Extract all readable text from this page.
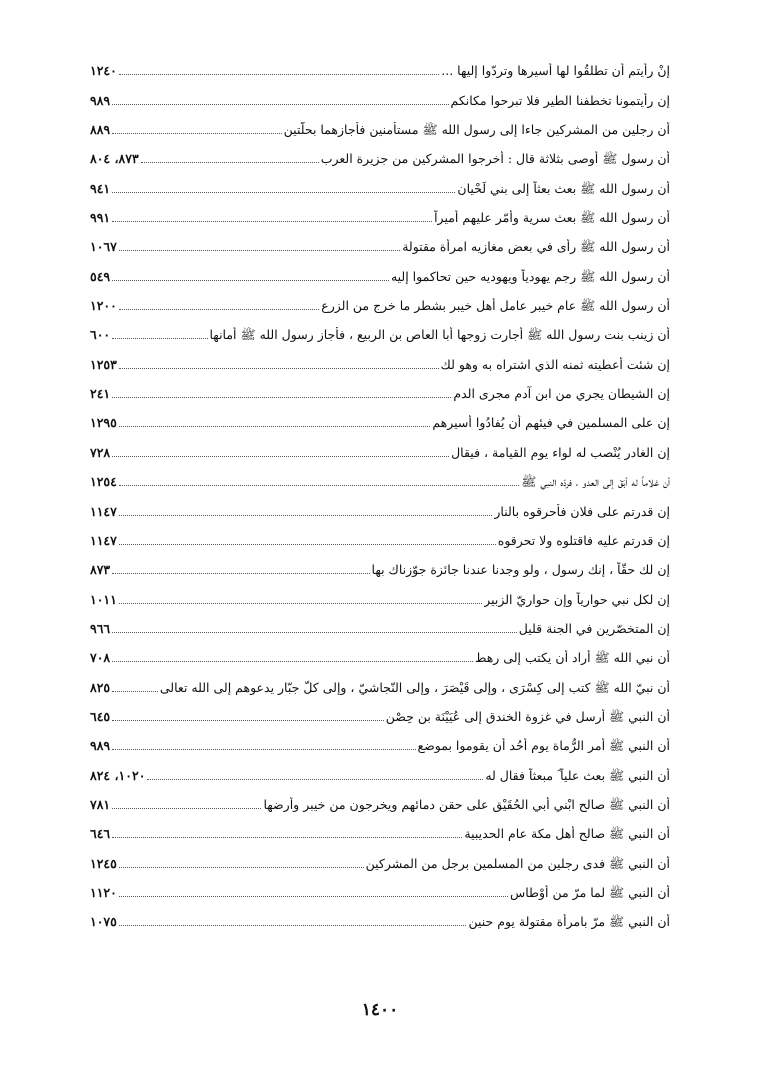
إنْ رأيتم أن تطلقُوا لها أسيرها وتردّوا إليها ...
١٢٤٠
إن رأيتمونا تخطفنا الطير فلا تبرحوا مكانكم
٩٨٩
أن رجلين من المشركين جاءا إلى رسول الله ﷺ مستأمنين فأجازهما بحلّتين
٨٨٩
أن رسول ﷺ أوصى بثلاثة قال : أخرجوا المشركين من جزيرة العرب
٨٧٣، ٨٠٤
أن رسول الله ﷺ بعث بعثاً إلى بني لَحْيان
٩٤١
أن رسول الله ﷺ بعث سرية وأمّر عليهم أميراً
٩٩١
أن رسول الله ﷺ رأى في بعض مغازيه امرأة مقتولة
١٠٦٧
أن رسول الله ﷺ رجم يهودياً ويهوديه حين تحاكموا إليه
٥٤٩
أن رسول الله ﷺ عام خيبر عامل أهل خيبر بشطر ما خرج من الزرع
١٢٠٠
أن زينب بنت رسول الله ﷺ أجارت زوجها أبا العاص بن الربيع ، فأجاز رسول الله ﷺ أمانها
٦٠٠
إن شئت أعطيته ثمنه الذي اشتراه به وهو لك
١٢٥٣
إن الشيطان يجري من ابن آدم مجرى الدم
٢٤١
إن على المسلمين في فيئهم أن يُفادُوا أسيرهم
١٢٩٥
إن الغادر يُنْصب له لواء يوم القيامة ، فيقال
٧٢٨
أن غلاماً له أبَقَ إلى العدو ، فردّه النبي ﷺ
١٢٥٤
إن قدرتم على فلان فأحرقوه بالنار
١١٤٧
إن قدرتم عليه فاقتلوه ولا تحرقوه
١١٤٧
إن لك حقّاً ، إنك رسول ، ولو وجدنا عندنا جائزة جوّزناك بها
٨٧٣
إن لكل نبي حوارياً وإن حواريّ الزبير
١٠١١
إن المتخصّرين في الجنة قليل
٩٦٦
أن نبي الله ﷺ أراد أن يكتب إلى رهط
٧٠٨
أن نبيّ الله ﷺ كتب إلى كِسْرَى ، وإلى قَيْصَرَ ، وإلى النّجاشيّ ، وإلى كلّ جبّار يدعوهم إلى الله تعالى
٨٢٥
أن النبي ﷺ أرسل في غزوة الخندق إلى عُيَيْنَة بن حِصْن
٦٤٥
أن النبي ﷺ أمر الرُّماة يوم أُحُد أن يقوموا بموضع
٩٨٩
أن النبي ﷺ بعث علياً ؓ مبعثاً فقال له
١٠٢٠، ٨٢٤
أن النبي ﷺ صالح ابْني أبي الحُقَيْق على حقن دمائهم ويخرجون من خيبر وأرضها
٧٨١
أن النبي ﷺ صالح أهل مكة عام الحديبية
٦٤٦
أن النبي ﷺ فدى رجلين من المسلمين برجل من المشركين
١٢٤٥
أن النبي ﷺ لما مرّ من أَوْطاس
١١٢٠
أن النبي ﷺ مرّ بامرأة مقتولة يوم حنين
١٠٧٥
١٤٠٠
